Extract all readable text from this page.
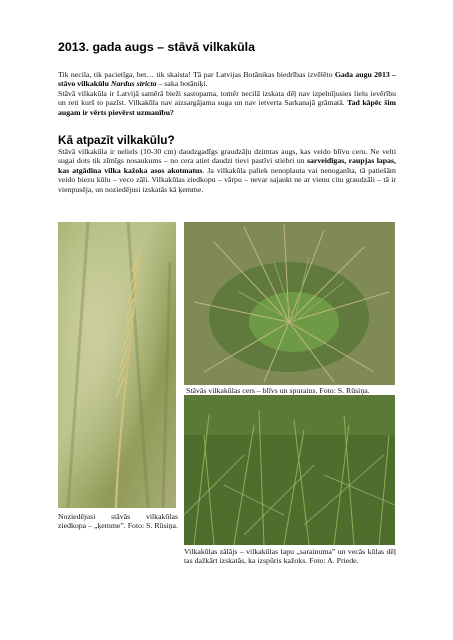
2013. gada augs – stāvā vilkakūla

Tik necila, tik pacietīga, bet… tik skaista! Tā par Latvijas Botānikas biedrības izvēlēto Gada augu 2013 – stāvo vilkakūlu Nardus stricta – saka botāniķi.
Stāvā vilkakūla ir Latvijā samērā bieži sastopama, tomēr necilā izskata dēļ nav izpelnījusies lielu ievērību un reti kurš to pazīst. Vilkakūla nav aizsargājama suga un nav ietverta Sarkanajā grāmatā. Tad kāpēc šim augam ir vērts pievērst uzmanību?

Kā atpazīt vilkakūlu?

Stāvā vilkakūla ir neliels (10-30 cm) daudzgadīgs graudzāļu dzimtas augs, kas veido blīvu ceru. Ne velti sugai dots tik zīmīgs nosaukums – no cera atiet daudzi tievi pastīvi stiebri un sarveidīgas, raupjas lapas, kas atgādina vilka kažoka asos akotmatus. Ja vilkakūla paliek nenoplauta vai nenoganīta, tā patiešām veido biezu kūlu – veco zāli. Vilkakūlas ziedkopu – vārpu – nevar sajaukt ne ar vienu citu graudzāli – tā ir vienpusēja, un noziedējusi izskatās kā ķemme.

Noziedējusi stāvās vilkakūlas ziedkopa – „ķemme”. Foto: S. Rūsiņa.

Stāvās vilkakūlas cers – blīvs un spurains. Foto: S. Rūsiņa.

Vilkakūlas zālājs – vilkakūlas lapu „sarainuma” un vecās kūlas dēļ tas dažkārt izskatās, ka izspūris kažoks. Foto: A. Priede.
